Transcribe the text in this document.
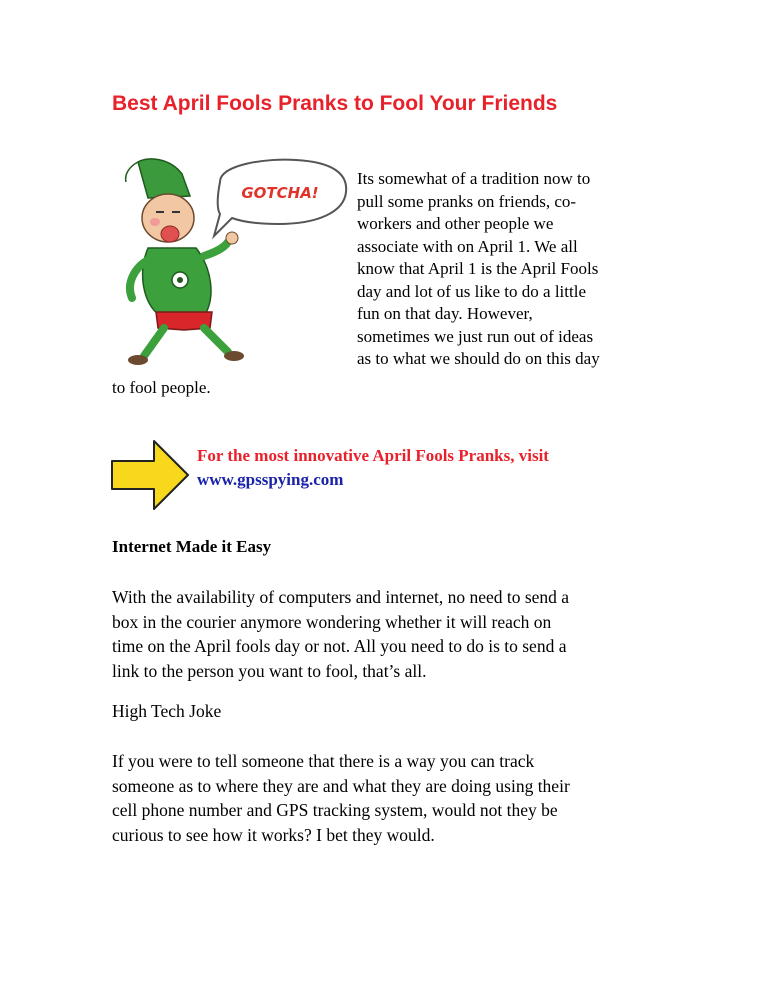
Best April Fools Pranks to Fool Your Friends
GOTCHA!
Its somewhat of a tradition now to
pull some pranks on friends, co-
workers and other people we
associate with on April 1. We all
know that April 1 is the April Fools
day and lot of us like to do a little
fun on that day. However,
sometimes we just run out of ideas
as to what we should do on this day
to fool people.
For the most innovative April Fools Pranks, visit
www.gpsspying.com
Internet Made it Easy
With the availability of computers and internet, no need to send a
box in the courier anymore wondering whether it will reach on
time on the April fools day or not. All you need to do is to send a
link to the person you want to fool, that’s all.
High Tech Joke
If you were to tell someone that there is a way you can track
someone as to where they are and what they are doing using their
cell phone number and GPS tracking system, would not they be
curious to see how it works? I bet they would.
